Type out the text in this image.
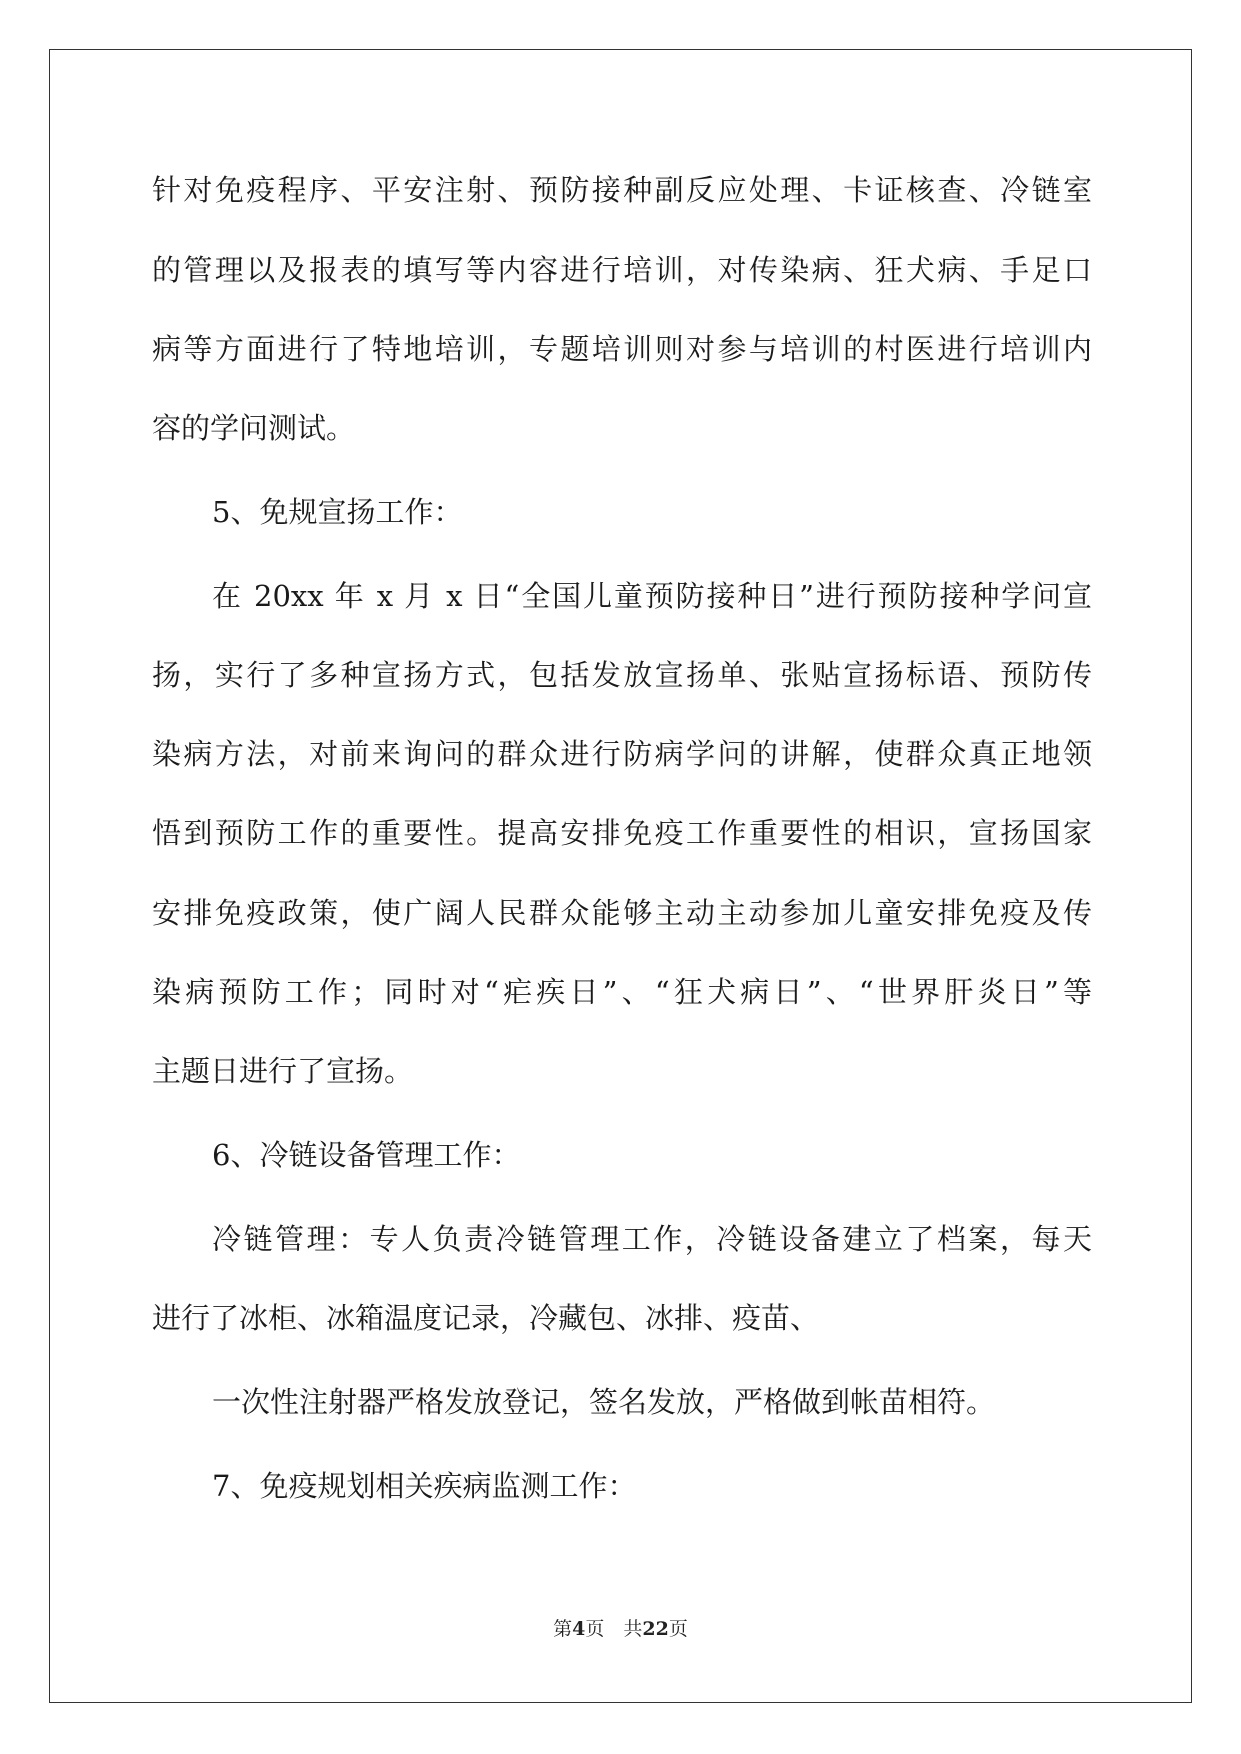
针对免疫程序、平安注射、预防接种副反应处理、卡证核查、冷链室
的管理以及报表的填写等内容进行培训，对传染病、狂犬病、手足口
病等方面进行了特地培训，专题培训则对参与培训的村医进行培训内
容的学问测试。
5、免规宣扬工作：
在 20xx 年 x 月 x 日“全国儿童预防接种日”进行预防接种学问宣
扬，实行了多种宣扬方式，包括发放宣扬单、张贴宣扬标语、预防传
染病方法，对前来询问的群众进行防病学问的讲解，使群众真正地领
悟到预防工作的重要性。提高安排免疫工作重要性的相识，宣扬国家
安排免疫政策，使广阔人民群众能够主动主动参加儿童安排免疫及传
染病预防工作；同时对“疟疾日”、“狂犬病日”、“世界肝炎日”等
主题日进行了宣扬。
6、冷链设备管理工作：
冷链管理：专人负责冷链管理工作，冷链设备建立了档案，每天
进行了冰柜、冰箱温度记录，冷藏包、冰排、疫苗、
一次性注射器严格发放登记，签名发放，严格做到帐苗相符。
7、免疫规划相关疾病监测工作：
第4页　 共22页
